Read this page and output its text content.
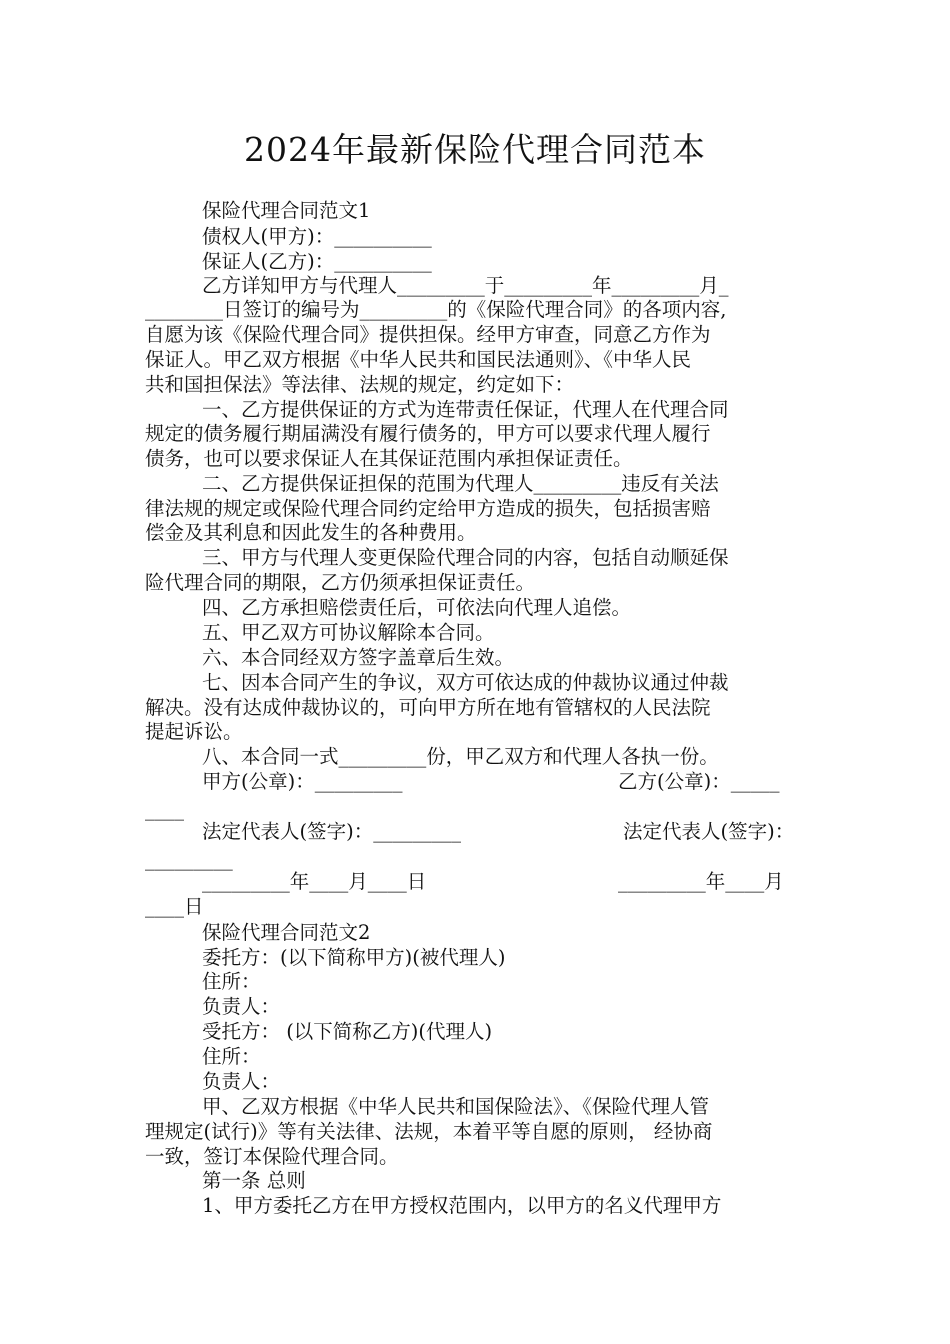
2024年最新保险代理合同范本
保险代理合同范文1
债权人(甲方)：__________
保证人(乙方)：__________
乙方详知甲方与代理人_________于_________年_________月_
________日签订的编号为_________的《保险代理合同》的各项内容,
自愿为该《保险代理合同》提供担保。经甲方审查，同意乙方作为
保证人。甲乙双方根据《中华人民共和国民法通则》、《中华人民
共和国担保法》等法律、法规的规定，约定如下：
一、乙方提供保证的方式为连带责任保证，代理人在代理合同
规定的债务履行期届满没有履行债务的，甲方可以要求代理人履行
债务，也可以要求保证人在其保证范围内承担保证责任。
二、乙方提供保证担保的范围为代理人_________违反有关法
律法规的规定或保险代理合同约定给甲方造成的损失，包括损害赔
偿金及其利息和因此发生的各种费用。
三、甲方与代理人变更保险代理合同的内容，包括自动顺延保
险代理合同的期限，乙方仍须承担保证责任。
四、乙方承担赔偿责任后，可依法向代理人追偿。
五、甲乙双方可协议解除本合同。
六、本合同经双方签字盖章后生效。
七、因本合同产生的争议，双方可依达成的仲裁协议通过仲裁
解决。没有达成仲裁协议的，可向甲方所在地有管辖权的人民法院
提起诉讼。
八、本合同一式_________份，甲乙双方和代理人各执一份。
甲方(公章)：_________	乙方(公章)：_____
____
法定代表人(签字)：_________	法定代表人(签字)：
_________
_________年____月____日	_________年____月
____日
保险代理合同范文2
委托方：(以下简称甲方)(被代理人)
住所：
负责人：
受托方： (以下简称乙方)(代理人)
住所：
负责人：
甲、乙双方根据《中华人民共和国保险法》、《保险代理人管
理规定(试行)》等有关法律、法规，本着平等自愿的原则， 经协商
一致，签订本保险代理合同。
第一条 总则
1、甲方委托乙方在甲方授权范围内，以甲方的名义代理甲方
